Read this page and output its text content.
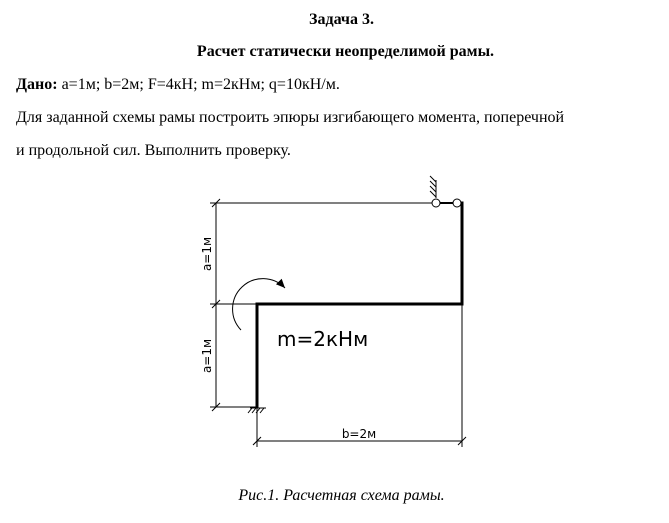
Задача 3.
Расчет статически неопределимой рамы.
Дано: a=1м; b=2м; F=4кН; m=2кНм; q=10кН/м.
Для заданной схемы рамы построить эпюры изгибающего момента, поперечной
и продольной сил. Выполнить проверку.
a=1м
a=1м
b=2м
m=2кНм
Рис.1. Расчетная схема рамы.
